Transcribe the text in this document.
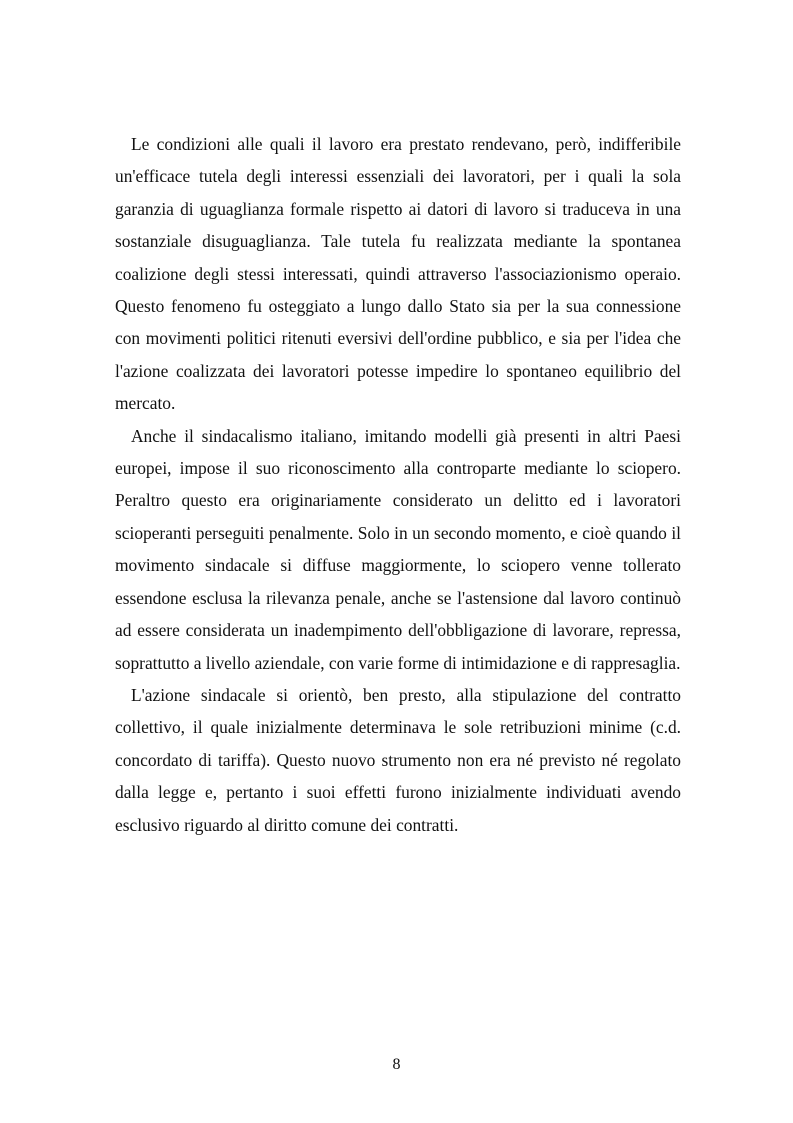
Le condizioni alle quali il lavoro era prestato rendevano, però, indifferibile un'efficace tutela degli interessi essenziali dei lavoratori, per i quali la sola garanzia di uguaglianza formale rispetto ai datori di lavoro si traduceva in una sostanziale disuguaglianza. Tale tutela fu realizzata mediante la spontanea coalizione degli stessi interessati, quindi attraverso l'associazionismo operaio. Questo fenomeno fu osteggiato a lungo dallo Stato sia per la sua connessione con movimenti politici ritenuti eversivi dell'ordine pubblico, e sia per l'idea che l'azione coalizzata dei lavoratori potesse impedire lo spontaneo equilibrio del mercato.

Anche il sindacalismo italiano, imitando modelli già presenti in altri Paesi europei, impose il suo riconoscimento alla controparte mediante lo sciopero. Peraltro questo era originariamente considerato un delitto ed i lavoratori scioperanti perseguiti penalmente. Solo in un secondo momento, e cioè quando il movimento sindacale si diffuse maggiormente, lo sciopero venne tollerato essendone esclusa la rilevanza penale, anche se l'astensione dal lavoro continuò ad essere considerata un inadempimento dell'obbligazione di lavorare, repressa, soprattutto a livello aziendale, con varie forme di intimidazione e di rappresaglia.

L'azione sindacale si orientò, ben presto, alla stipulazione del contratto collettivo, il quale inizialmente determinava le sole retribuzioni minime (c.d. concordato di tariffa). Questo nuovo strumento non era né previsto né regolato dalla legge e, pertanto i suoi effetti furono inizialmente individuati avendo esclusivo riguardo al diritto comune dei contratti.

8
